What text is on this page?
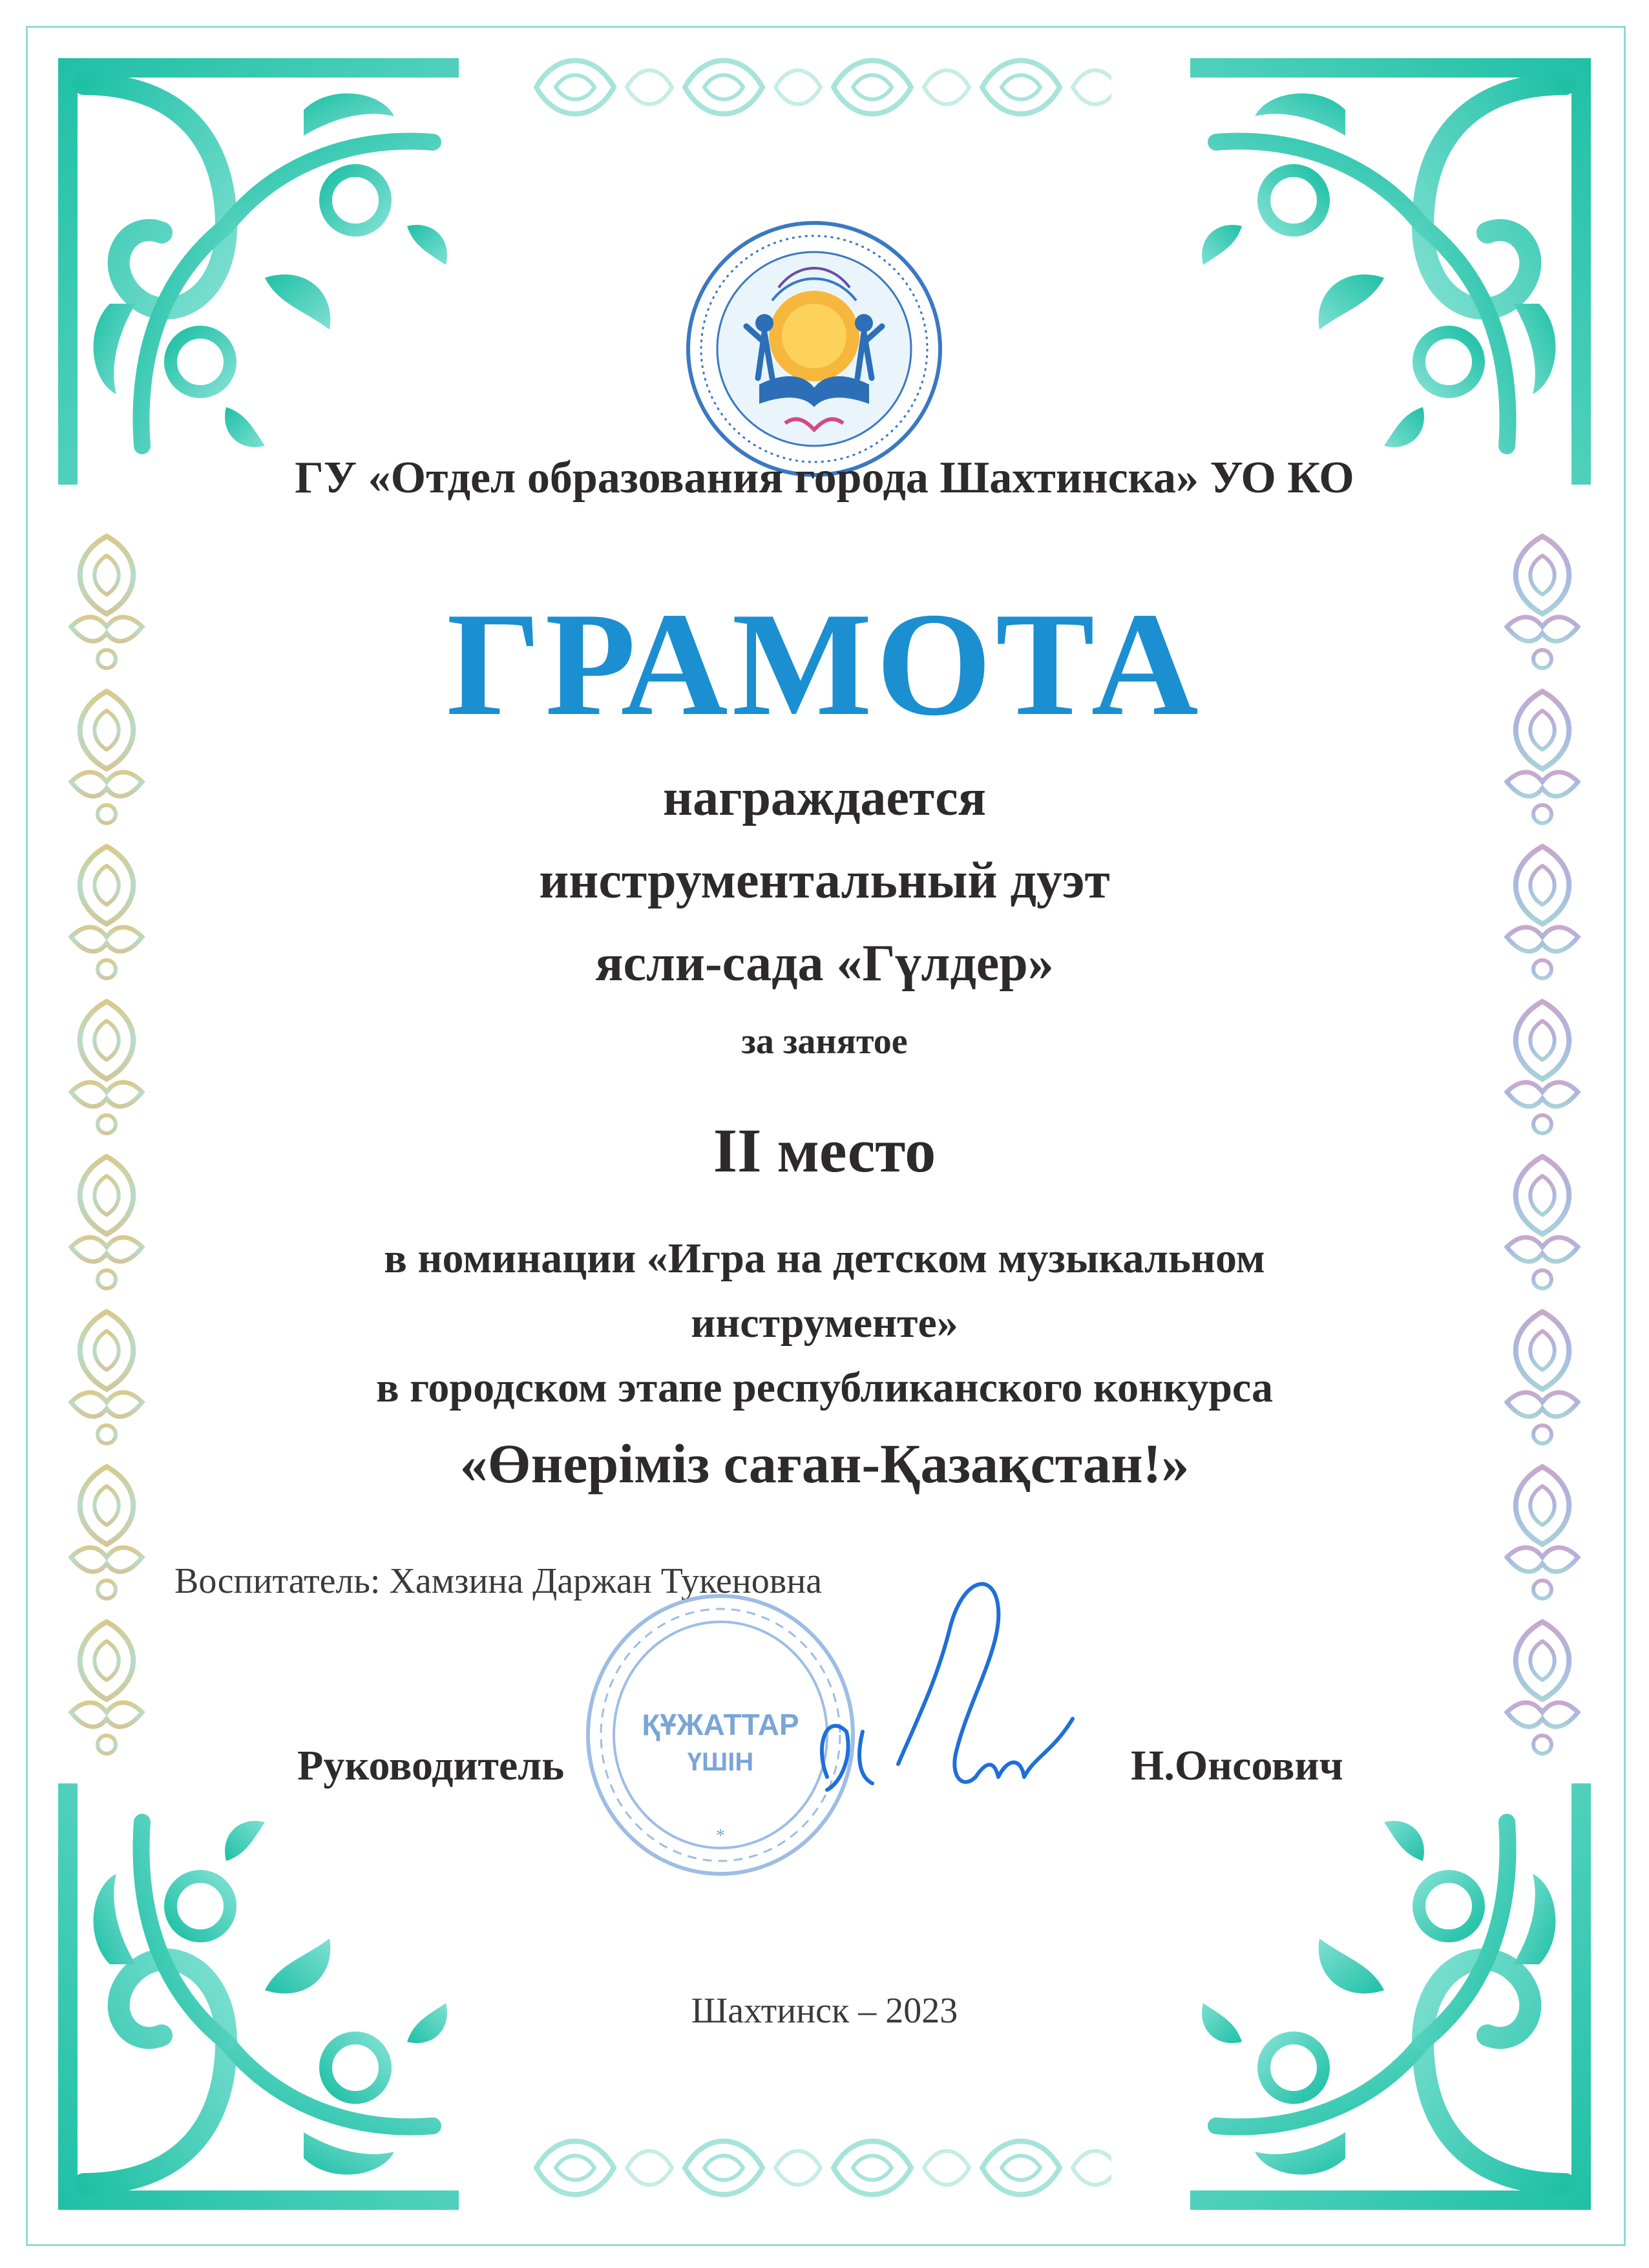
ГУ «Отдел образования города Шахтинска» УО КО
ГРАМОТА
награждается
инструментальный дуэт
ясли-сада «Гүлдер»
за занятое
II место
в номинации «Игра на детском музыкальном
инструменте»
в городском этапе республиканского конкурса
«Өнеріміз саған-Қазақстан!»
Воспитатель: Хамзина Даржан Тукеновна
ҚҰЖАТТАР
ҮШІН
*
Руководитель	Н.Онсович
Шахтинск – 2023
